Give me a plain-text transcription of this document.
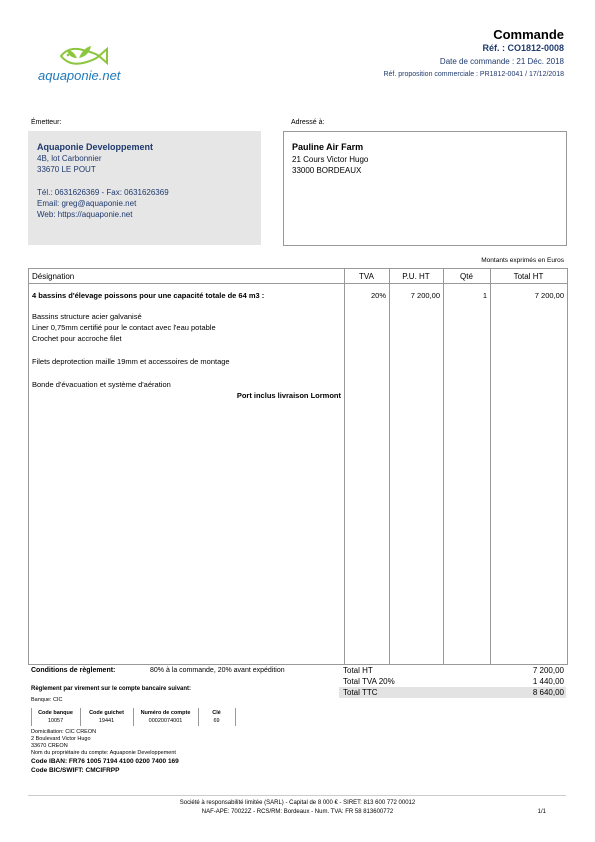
aquaponie.net
Commande
Réf. : CO1812-0008
Date de commande : 21 Déc. 2018
Réf. proposition commerciale : PR1812-0041 / 17/12/2018
Émetteur:	Adressé à:
Aquaponie Developpement
4B, lot Carbonnier
33670 LE POUT
Tél.: 0631626369 - Fax: 0631626369
Email: greg@aquaponie.net
Web: https://aquaponie.net
Pauline Air Farm
21 Cours Victor Hugo
33000 BORDEAUX
Montants exprimés en Euros
Désignation	TVA	P.U. HT	Qté	Total HT
4 bassins d'élevage poissons pour une capacité totale de 64 m3 :	20%	7 200,00	1	7 200,00
Bassins structure acier galvanisé
Liner 0,75mm certifié pour le contact avec l'eau potable
Crochet pour accroche filet
Filets deprotection maille 19mm et accessoires de montage
Bonde d'évacuation et système d'aération
Port inclus livraison Lormont
Conditions de règlement:	80% à la commande, 20% avant expédition
Règlement par virement sur le compte bancaire suivant:
Banque: CIC
Code banque	Code guichet	Numéro de compte	Clé
10057	19441	00020074001	69
Domiciliation: CIC CREON
2 Boulevard Victor Hugo
33670 CREON
Nom du propriétaire du compte: Aquaponie Developpement
Code IBAN: FR76 1005 7194 4100 0200 7400 169
Code BIC/SWIFT: CMCIFRPP
Total HT	7 200,00
Total TVA 20%	1 440,00
Total TTC	8 640,00
Société à responsabilité limitée (SARL) - Capital de 8 000 € - SIRET: 813 600 772 00012
NAF-APE: 70022Z - RCS/RM: Bordeaux - Num. TVA: FR 58 813600772	1/1
